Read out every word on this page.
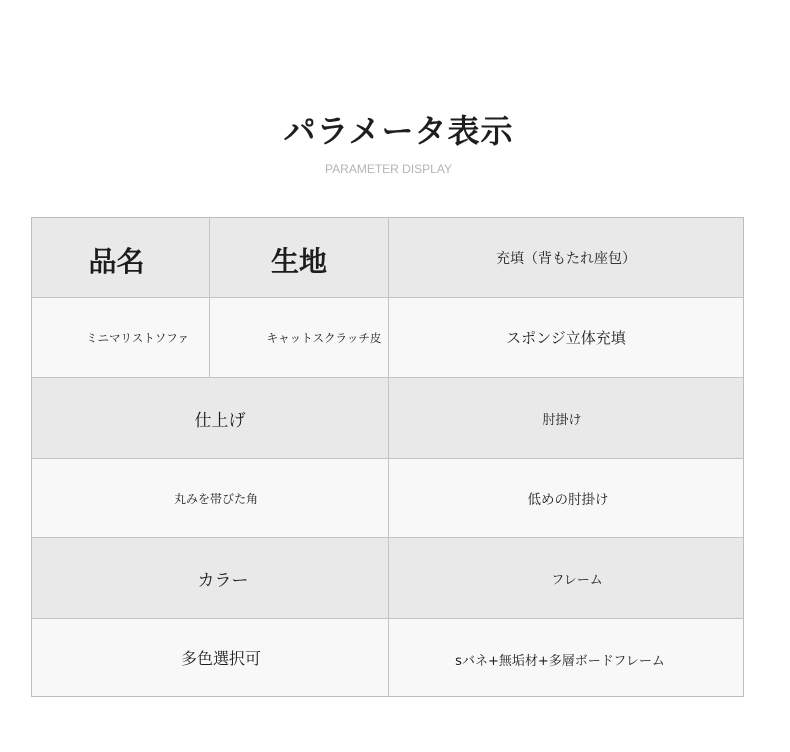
パラメータ表示
PARAMETER DISPLAY
品名	生地	充填（背もたれ座包）
ミニマリストソファ	キャットスクラッチ皮	スポンジ立体充填
仕上げ	肘掛け
丸みを帯びた角	低めの肘掛け
カラー	フレーム
多色選択可	sバネ+無垢材+多層ボードフレーム
